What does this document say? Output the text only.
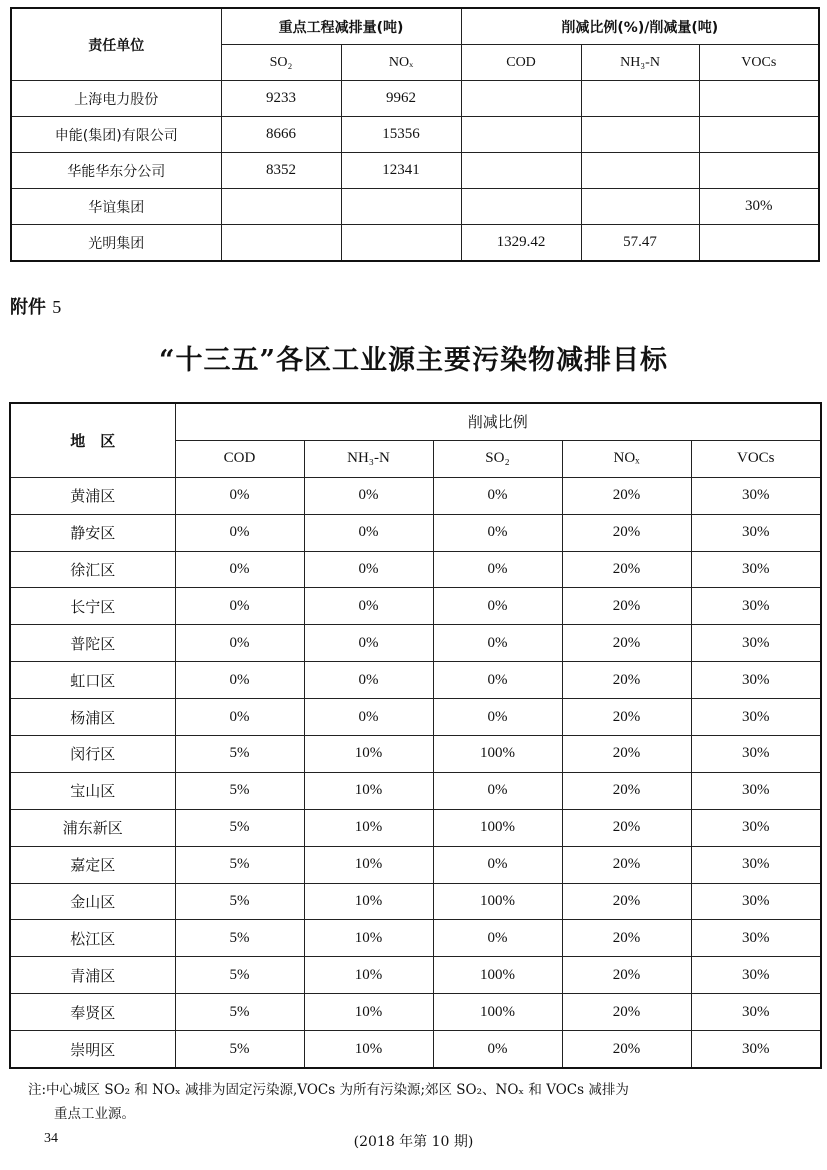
责任单位	重点工程减排量(吨)		削减比例(%)/削减量(吨)		
	SO₂	NOₓ	COD	NH₃-N	VOCs
上海电力股份	9233	9962			
申能(集团)有限公司	8666	15356			
华能华东分公司	8352	12341			
华谊集团					30%
光明集团			1329.42	57.47	
附件 5
“十三五”各区工业源主要污染物减排目标
地　区	削减比例				
	COD	NH₃-N	SO₂	NOₓ	VOCs
黄浦区	0%	0%	0%	20%	30%
静安区	0%	0%	0%	20%	30%
徐汇区	0%	0%	0%	20%	30%
长宁区	0%	0%	0%	20%	30%
普陀区	0%	0%	0%	20%	30%
虹口区	0%	0%	0%	20%	30%
杨浦区	0%	0%	0%	20%	30%
闵行区	5%	10%	100%	20%	30%
宝山区	5%	10%	0%	20%	30%
浦东新区	5%	10%	100%	20%	30%
嘉定区	5%	10%	0%	20%	30%
金山区	5%	10%	100%	20%	30%
松江区	5%	10%	0%	20%	30%
青浦区	5%	10%	100%	20%	30%
奉贤区	5%	10%	100%	20%	30%
崇明区	5%	10%	0%	20%	30%
注:中心城区 SO₂ 和 NOₓ 减排为固定污染源,VOCs 为所有污染源;郊区 SO₂、NOₓ 和 VOCs 减排为
重点工业源。
34	(2018 年第 10 期)
